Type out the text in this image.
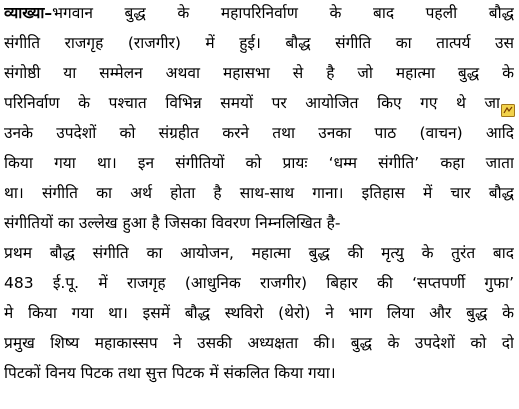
व्याख्या–भगवान बुद्ध के महापरिनिर्वाण के बाद पहली बौद्ध
संगीति राजगृह (राजगीर) में हुई। बौद्ध संगीति का तात्पर्य उस
संगोष्ठी या सम्मेलन अथवा महासभा से है जो महात्मा बुद्ध के
परिनिर्वाण के पश्चात विभिन्न समयों पर आयोजित किए गए थे जा
उनके उपदेशों को संग्रहीत करने तथा उनका पाठ (वाचन) आदि
किया गया था। इन संगीतियों को प्रायः ‘धम्म संगीति’ कहा जाता
था। संगीति का अर्थ होता है साथ-साथ गाना। इतिहास में चार बौद्ध
संगीतियों का उल्लेख हुआ है जिसका विवरण निम्नलिखित है-
प्रथम बौद्ध संगीति का आयोजन, महात्मा बुद्ध की मृत्यु के तुरंत बाद
483 ई.पू. में राजगृह (आधुनिक राजगीर) बिहार की ‘सप्तपर्णी गुफा’
मे किया गया था। इसमें बौद्ध स्थविरो (थेरो) ने भाग लिया और बुद्ध के
प्रमुख शिष्य महाकास्सप ने उसकी अध्यक्षता की। बुद्ध के उपदेशों को दो
पिटकों विनय पिटक तथा सुत्त पिटक में संकलित किया गया।
